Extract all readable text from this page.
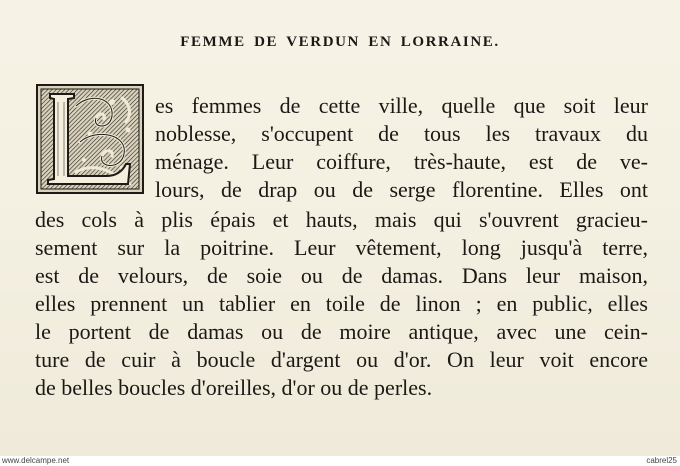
FEMME DE VERDUN EN LORRAINE.
es femmes de cette ville, quelle que soit leur
noblesse, s'occupent de tous les travaux du
ménage. Leur coiffure, très-haute, est de ve-
lours, de drap ou de serge florentine. Elles ont
des cols à plis épais et hauts, mais qui s'ouvrent gracieu-
sement sur la poitrine. Leur vêtement, long jusqu'à terre,
est de velours, de soie ou de damas. Dans leur maison,
elles prennent un tablier en toile de linon ; en public, elles
le portent de damas ou de moire antique, avec une cein-
ture de cuir à boucle d'argent ou d'or. On leur voit encore
de belles boucles d'oreilles, d'or ou de perles.
www.delcampe.net	cabrel25
